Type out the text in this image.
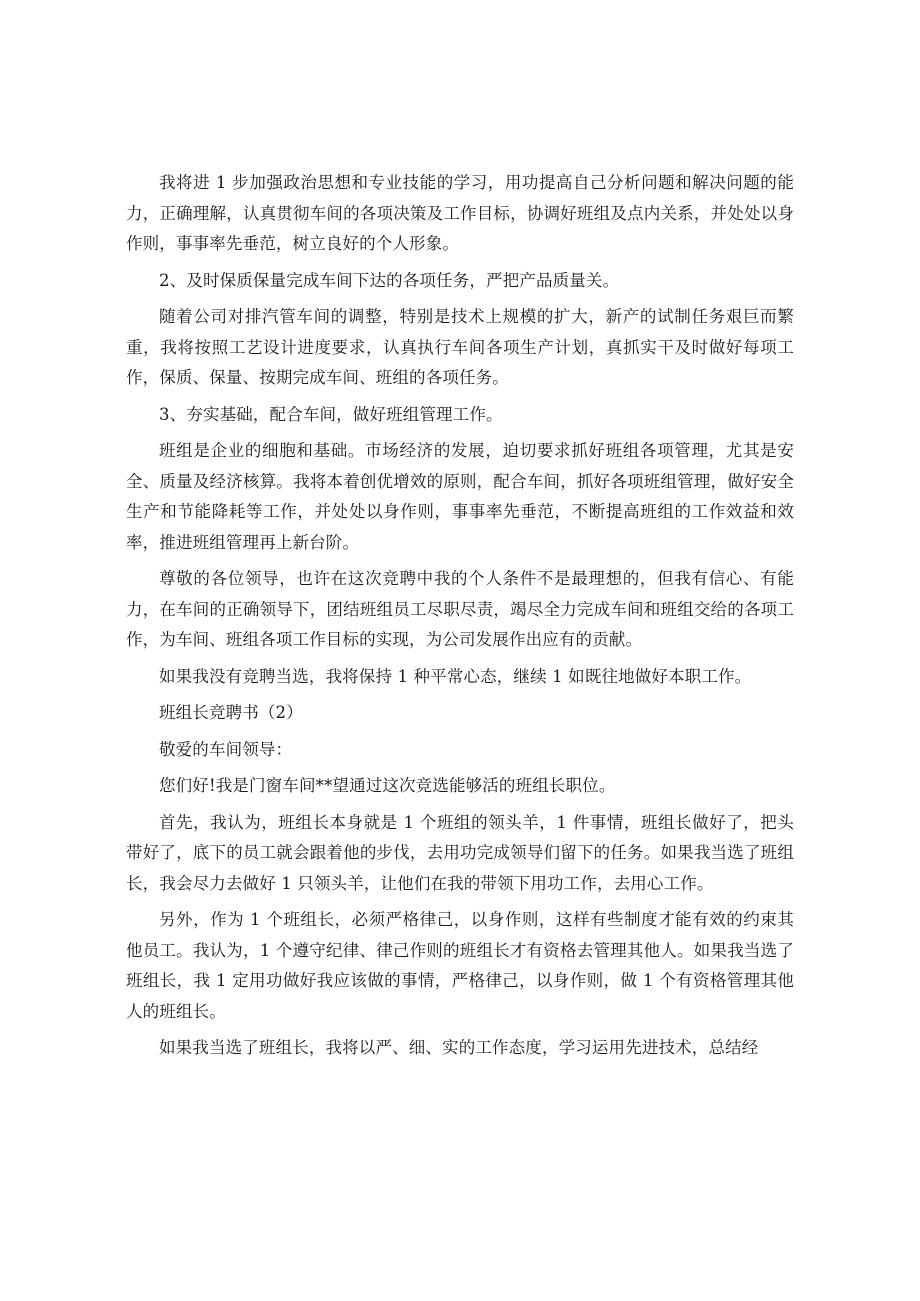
我将进 1 步加强政治思想和专业技能的学习，用功提高自己分析问题和解决问题的能力，正确理解，认真贯彻车间的各项决策及工作目标，协调好班组及点内关系，并处处以身作则，事事率先垂范，树立良好的个人形象。

2、及时保质保量完成车间下达的各项任务，严把产品质量关。

随着公司对排汽管车间的调整，特别是技术上规模的扩大，新产的试制任务艰巨而繁重，我将按照工艺设计进度要求，认真执行车间各项生产计划，真抓实干及时做好每项工作，保质、保量、按期完成车间、班组的各项任务。

3、夯实基础，配合车间，做好班组管理工作。

班组是企业的细胞和基础。市场经济的发展，迫切要求抓好班组各项管理，尤其是安全、质量及经济核算。我将本着创优增效的原则，配合车间，抓好各项班组管理，做好安全生产和节能降耗等工作，并处处以身作则，事事率先垂范，不断提高班组的工作效益和效率，推进班组管理再上新台阶。

尊敬的各位领导，也许在这次竞聘中我的个人条件不是最理想的，但我有信心、有能力，在车间的正确领导下，团结班组员工尽职尽责，竭尽全力完成车间和班组交给的各项工作，为车间、班组各项工作目标的实现，为公司发展作出应有的贡献。

如果我没有竞聘当选，我将保持 1 种平常心态，继续 1 如既往地做好本职工作。

班组长竞聘书（2）

敬爱的车间领导：

您们好!我是门窗车间**望通过这次竞选能够活的班组长职位。

首先，我认为，班组长本身就是 1 个班组的领头羊，1 件事情，班组长做好了，把头带好了，底下的员工就会跟着他的步伐，去用功完成领导们留下的任务。如果我当选了班组长，我会尽力去做好 1 只领头羊，让他们在我的带领下用功工作，去用心工作。

另外，作为 1 个班组长，必须严格律己，以身作则，这样有些制度才能有效的约束其他员工。我认为，1 个遵守纪律、律己作则的班组长才有资格去管理其他人。如果我当选了班组长，我 1 定用功做好我应该做的事情，严格律己，以身作则，做 1 个有资格管理其他人的班组长。

如果我当选了班组长，我将以严、细、实的工作态度，学习运用先进技术，总结经
